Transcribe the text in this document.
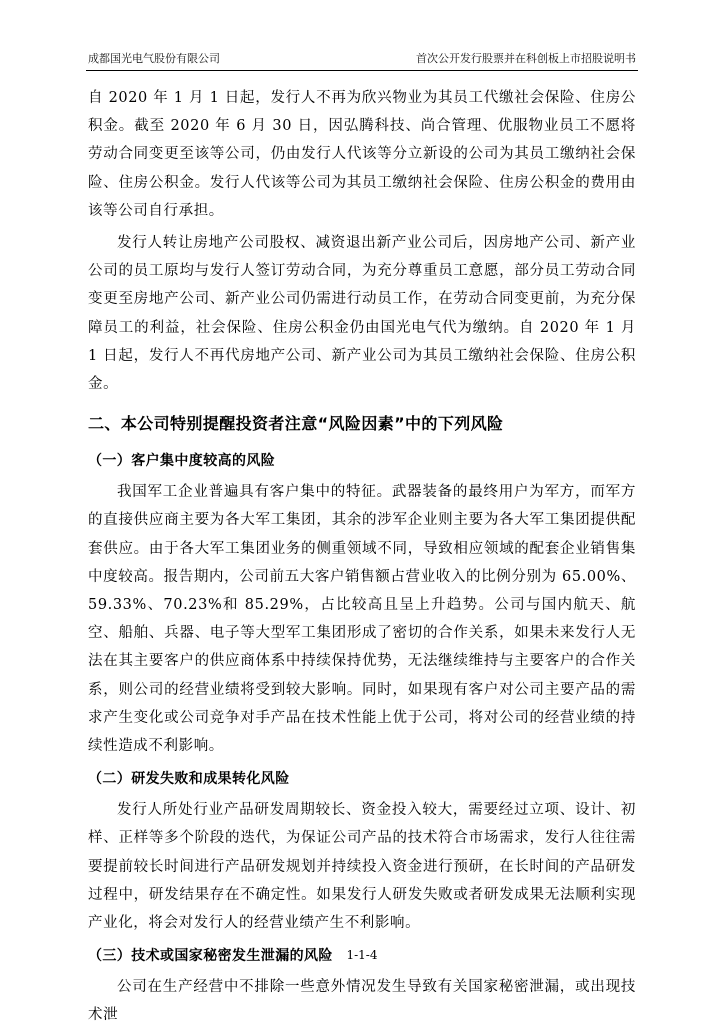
成都国光电气股份有限公司	首次公开发行股票并在科创板上市招股说明书

自 2020 年 1 月 1 日起，发行人不再为欣兴物业为其员工代缴社会保险、住房公积金。截至 2020 年 6 月 30 日，因弘腾科技、尚合管理、优服物业员工不愿将劳动合同变更至该等公司，仍由发行人代该等分立新设的公司为其员工缴纳社会保险、住房公积金。发行人代该等公司为其员工缴纳社会保险、住房公积金的费用由该等公司自行承担。

发行人转让房地产公司股权、减资退出新产业公司后，因房地产公司、新产业公司的员工原均与发行人签订劳动合同，为充分尊重员工意愿，部分员工劳动合同变更至房地产公司、新产业公司仍需进行动员工作，在劳动合同变更前，为充分保障员工的利益，社会保险、住房公积金仍由国光电气代为缴纳。自 2020 年 1 月 1 日起，发行人不再代房地产公司、新产业公司为其员工缴纳社会保险、住房公积金。

二、本公司特别提醒投资者注意“风险因素”中的下列风险
（一）客户集中度较高的风险

我国军工企业普遍具有客户集中的特征。武器装备的最终用户为军方，而军方的直接供应商主要为各大军工集团，其余的涉军企业则主要为各大军工集团提供配套供应。由于各大军工集团业务的侧重领域不同，导致相应领域的配套企业销售集中度较高。报告期内，公司前五大客户销售额占营业收入的比例分别为 65.00%、59.33%、70.23%和 85.29%，占比较高且呈上升趋势。公司与国内航天、航空、船舶、兵器、电子等大型军工集团形成了密切的合作关系，如果未来发行人无法在其主要客户的供应商体系中持续保持优势，无法继续维持与主要客户的合作关系，则公司的经营业绩将受到较大影响。同时，如果现有客户对公司主要产品的需求产生变化或公司竞争对手产品在技术性能上优于公司，将对公司的经营业绩的持续性造成不利影响。

（二）研发失败和成果转化风险

发行人所处行业产品研发周期较长、资金投入较大，需要经过立项、设计、初样、正样等多个阶段的迭代，为保证公司产品的技术符合市场需求，发行人往往需要提前较长时间进行产品研发规划并持续投入资金进行预研，在长时间的产品研发过程中，研发结果存在不确定性。如果发行人研发失败或者研发成果无法顺利实现产业化，将会对发行人的经营业绩产生不利影响。

（三）技术或国家秘密发生泄漏的风险

公司在生产经营中不排除一些意外情况发生导致有关国家秘密泄漏，或出现技术泄

1-1-4
